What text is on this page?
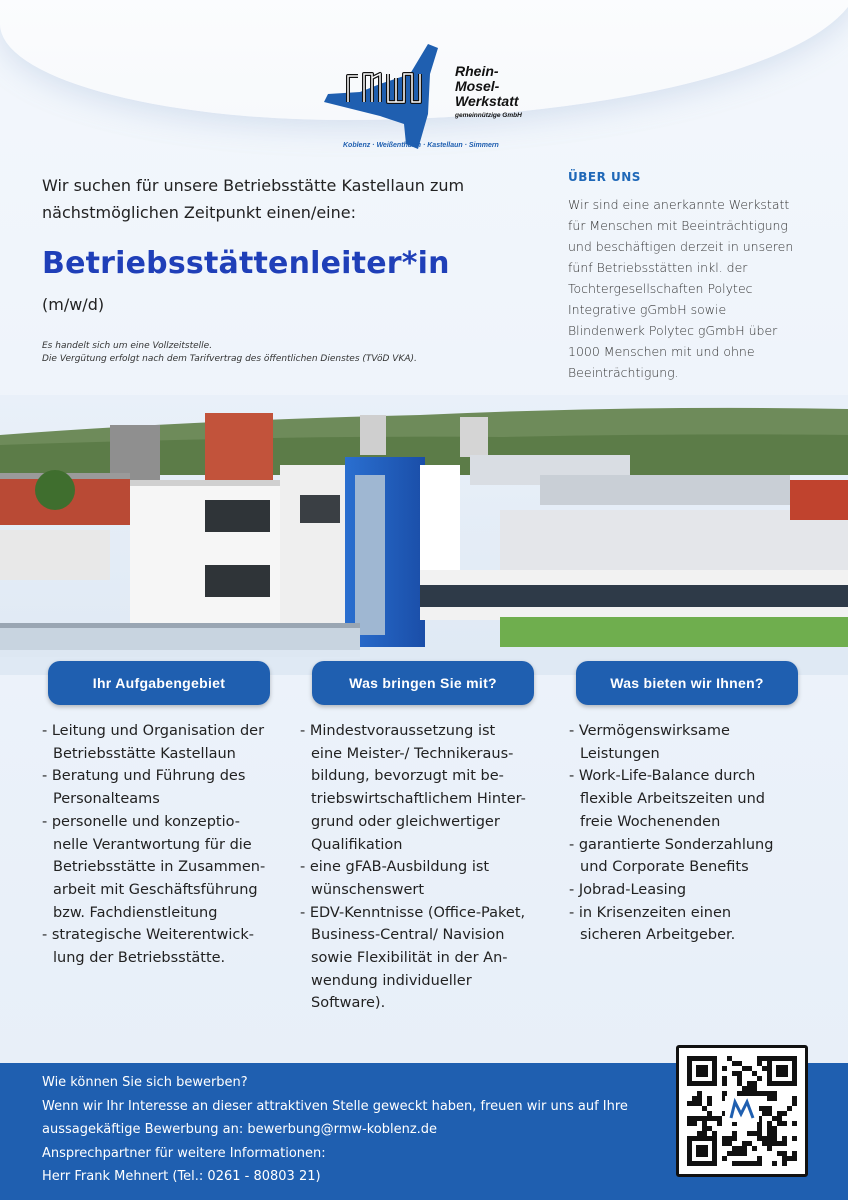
Rhein-
Mosel-
Werkstatt
gemeinnützige GmbH
Koblenz · Weißenthurm · Kastellaun · Simmern
Wir suchen für unsere Betriebsstätte Kastellaun zum
nächstmöglichen Zeitpunkt einen/eine:
Betriebsstättenleiter*in
(m/w/d)
Es handelt sich um eine Vollzeitstelle.
Die Vergütung erfolgt nach dem Tarifvertrag des öffentlichen Dienstes (TVöD VKA).
ÜBER UNS
Wir sind eine anerkannte Werkstatt
für Menschen mit Beeinträchtigung
und beschäftigen derzeit in unseren
fünf Betriebsstätten inkl. der
Tochtergesellschaften Polytec
Integrative gGmbH sowie
Blindenwerk Polytec gGmbH über
1000 Menschen mit und ohne
Beeinträchtigung.
Ihr Aufgabengebiet	Was bringen Sie mit?	Was bieten wir Ihnen?
- Leitung und Organisation der
Betriebsstätte Kastellaun
- Beratung und Führung des
Personalteams
- personelle und konzeptio-
nelle Verantwortung für die
Betriebsstätte in Zusammen-
arbeit mit Geschäftsführung
bzw. Fachdienstleitung
- strategische Weiterentwick-
lung der Betriebsstätte.
- Mindestvoraussetzung ist
eine Meister-/ Technikeraus-
bildung, bevorzugt mit be-
triebswirtschaftlichem Hinter-
grund oder gleichwertiger
Qualifikation
- eine gFAB-Ausbildung ist
wünschenswert
- EDV-Kenntnisse (Office-Paket,
Business-Central/ Navision
sowie Flexibilität in der An-
wendung individueller
Software).
- Vermögenswirksame
Leistungen
- Work-Life-Balance durch
flexible Arbeitszeiten und
freie Wochenenden
- garantierte Sonderzahlung
und Corporate Benefits
- Jobrad-Leasing
- in Krisenzeiten einen
sicheren Arbeitgeber.
Wie können Sie sich bewerben?
Wenn wir Ihr Interesse an dieser attraktiven Stelle geweckt haben, freuen wir uns auf Ihre
aussagekäftige Bewerbung an: bewerbung@rmw-koblenz.de
Ansprechpartner für weitere Informationen:
Herr Frank Mehnert (Tel.: 0261 - 80803 21)
